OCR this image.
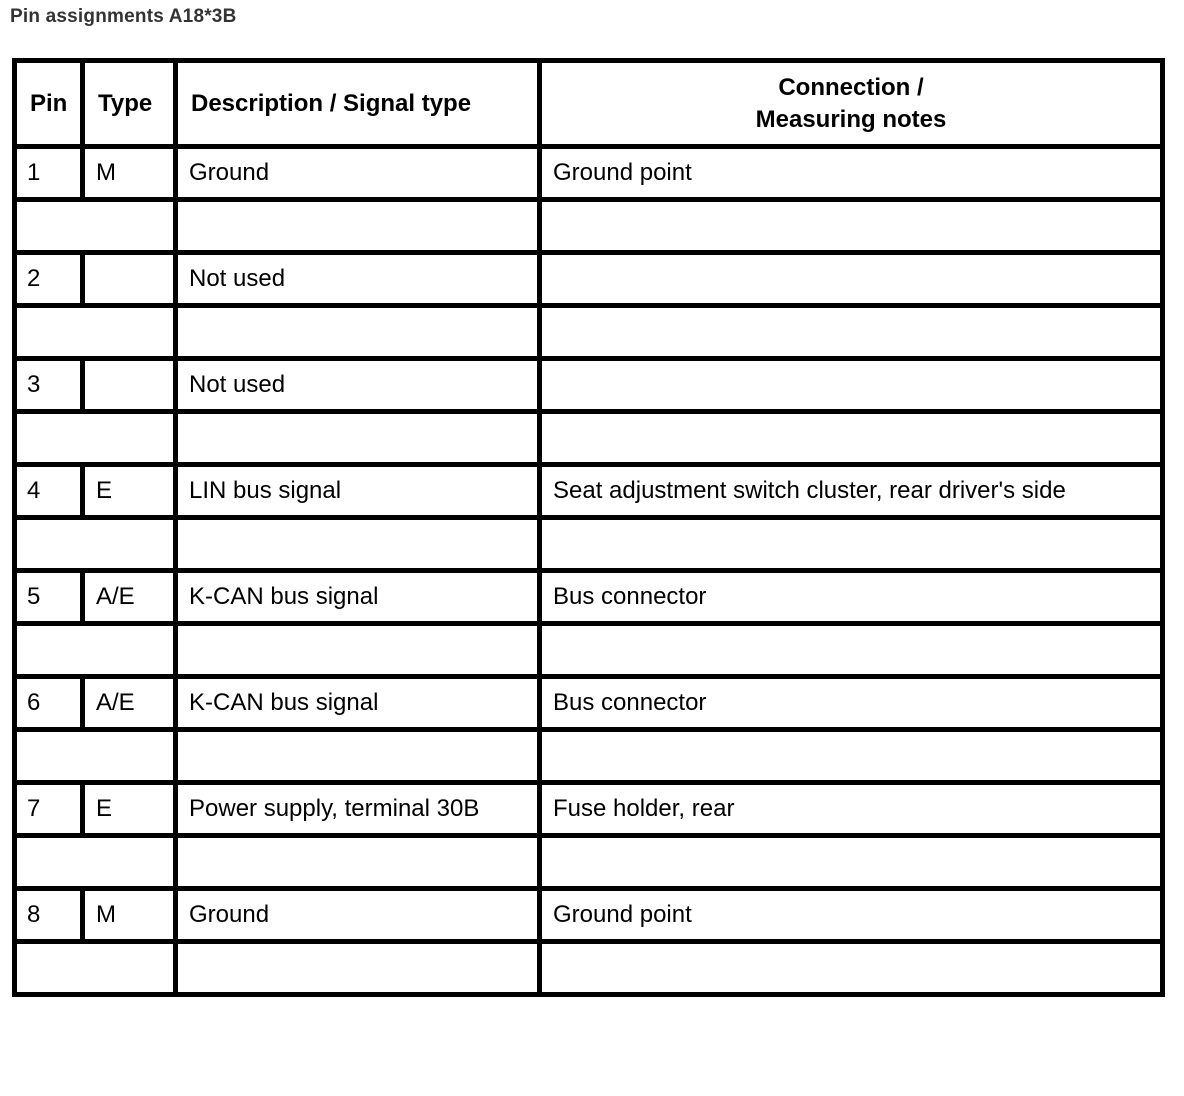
Pin assignments A18*3B
Pin	Type	Description / Signal type	Connection /
Measuring notes
1	M	Ground	Ground point

2		Not used	

3		Not used	

4	E	LIN bus signal	Seat adjustment switch cluster, rear driver's side

5	A/E	K-CAN bus signal	Bus connector

6	A/E	K-CAN bus signal	Bus connector

7	E	Power supply, terminal 30B	Fuse holder, rear

8	M	Ground	Ground point
